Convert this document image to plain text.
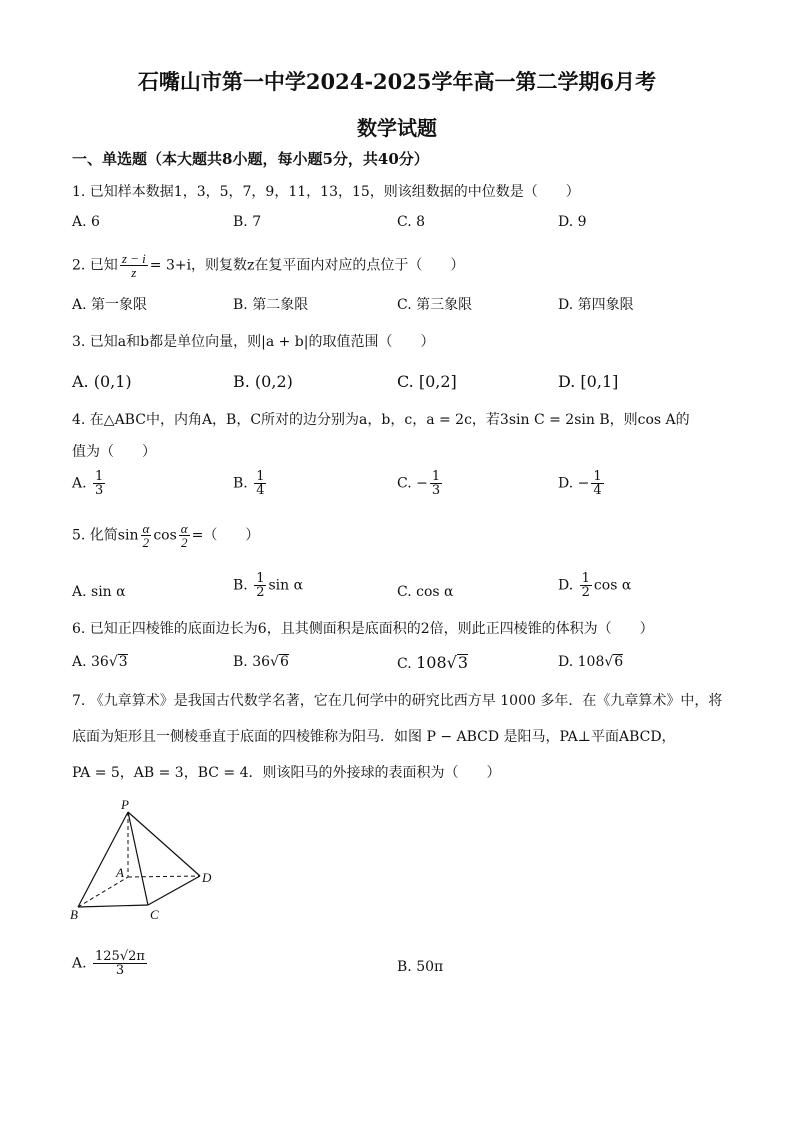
石嘴山市第一中学2024-2025学年高一第二学期6月考
数学试题
一、单选题（本大题共8小题，每小题5分，共40分）
1. 已知样本数据1，3，5，7，9，11，13，15，则该组数据的中位数是（　　）
A. 6	B. 7	C. 8	D. 9
2. 已知 $\frac{z - i}{z} = 3+i$，则复数z在复平面内对应的点位于（　　）
A. 第一象限	B. 第二象限	C. 第三象限	D. 第四象限
3. 已知a和b都是单位向量，则|a + b|的取值范围（　　）
A. (0,1)	B. (0,2)	C. [0,2]	D. [0,1]
4. 在△ABC中，内角A，B，C所对的边分别为a，b，c，a = 2c，若3sin C = 2sin B，则cos A的
值为（　　）
A. $\frac{1}{3}$	B. $\frac{1}{4}$	C. − $\frac{1}{3}$	D. − $\frac{1}{4}$
5. 化简$\sin \frac{\alpha}{2}$ $\cos \frac{\alpha}{2}$ =（　　）
A. sin α	B. $\frac{1}{2}$ sin α	C. cos α	D. $\frac{1}{2}$ cos α
6. 已知正四棱锥的底面边长为6，且其侧面积是底面积的2倍，则此正四棱锥的体积为（　　）
A. 36√3	B. 36√6	C. 108√3	D. 108√6
7. 《九章算术》是我国古代数学名著，它在几何学中的研究比西方早 1000 多年．在《九章算术》中，将
底面为矩形且一侧棱垂直于底面的四棱锥称为阳马．如图 P − ABCD 是阳马，PA⊥平面ABCD，
PA = 5，AB = 3，BC = 4．则该阳马的外接球的表面积为（　　）
P
A	D
B	C
A. $\frac{125√2\pi}{3}$	B. 50π
